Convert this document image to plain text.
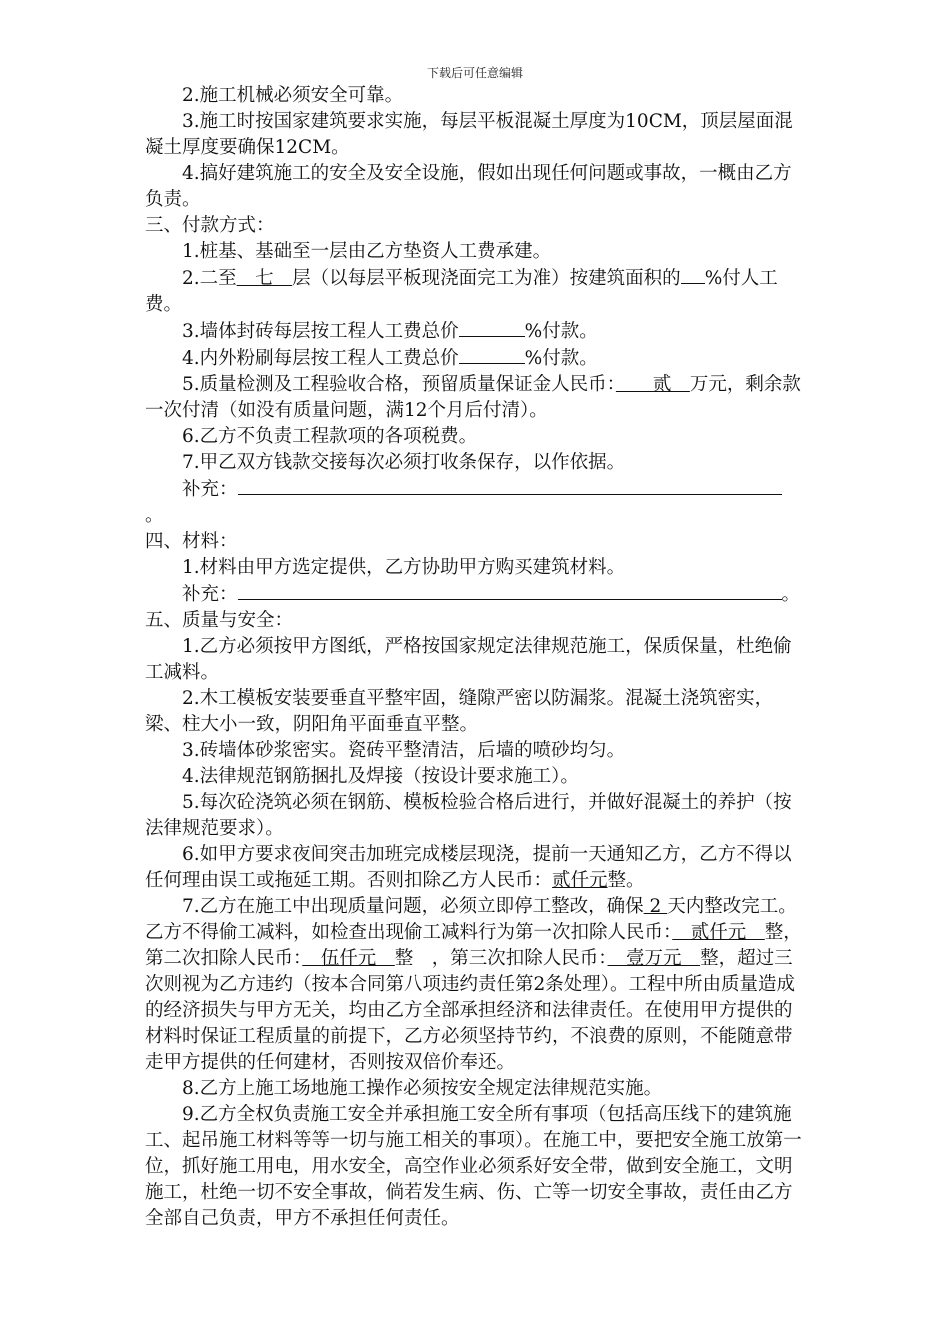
下载后可任意编辑

2.施工机械必须安全可靠。

3.施工时按国家建筑要求实施，每层平板混凝土厚度为10CM，顶层屋面混凝土厚度要确保12CM。

4.搞好建筑施工的安全及安全设施，假如出现任何问题或事故，一概由乙方负责。

三、付款方式：

1.桩基、基础至一层由乙方垫资人工费承建。

2.二至　七　层（以每层平板现浇面完工为准）按建筑面积的 %付人工费。

3.墙体封砖每层按工程人工费总价	%付款。

4.内外粉刷每层按工程人工费总价	%付款。

5.质量检测及工程验收合格，预留质量保证金人民币：　　贰　万元，剩余款一次付清（如没有质量问题，满12个月后付清）。

6.乙方不负责工程款项的各项税费。

7.甲乙双方钱款交接每次必须打收条保存，以作依据。

补充：

。

四、材料：

1.材料由甲方选定提供，乙方协助甲方购买建筑材料。

补充：	。

五、质量与安全：

1.乙方必须按甲方图纸，严格按国家规定法律规范施工，保质保量，杜绝偷工减料。

2.木工模板安装要垂直平整牢固，缝隙严密以防漏浆。混凝土浇筑密实，梁、柱大小一致，阴阳角平面垂直平整。

3.砖墙体砂浆密实。瓷砖平整清洁，后墙的喷砂均匀。

4.法律规范钢筋捆扎及焊接（按设计要求施工）。

5.每次砼浇筑必须在钢筋、模板检验合格后进行，并做好混凝土的养护（按法律规范要求）。

6.如甲方要求夜间突击加班完成楼层现浇，提前一天通知乙方，乙方不得以任何理由误工或拖延工期。否则扣除乙方人民币：贰仟元整。

7.乙方在施工中出现质量问题，必须立即停工整改，确保 2 天内整改完工。乙方不得偷工减料，如检查出现偷工减料行为第一次扣除人民币：　贰仟元　整，第二次扣除人民币：　伍仟元　整　，第三次扣除人民币：　壹万元　整，超过三次则视为乙方违约（按本合同第八项违约责任第2条处理）。工程中所由质量造成的经济损失与甲方无关，均由乙方全部承担经济和法律责任。在使用甲方提供的材料时保证工程质量的前提下，乙方必须坚持节约，不浪费的原则，不能随意带走甲方提供的任何建材，否则按双倍价奉还。

8.乙方上施工场地施工操作必须按安全规定法律规范实施。

9.乙方全权负责施工安全并承担施工安全所有事项（包括高压线下的建筑施工、起吊施工材料等等一切与施工相关的事项）。在施工中，要把安全施工放第一位，抓好施工用电，用水安全，高空作业必须系好安全带，做到安全施工，文明施工，杜绝一切不安全事故，倘若发生病、伤、亡等一切安全事故，责任由乙方全部自己负责，甲方不承担任何责任。
